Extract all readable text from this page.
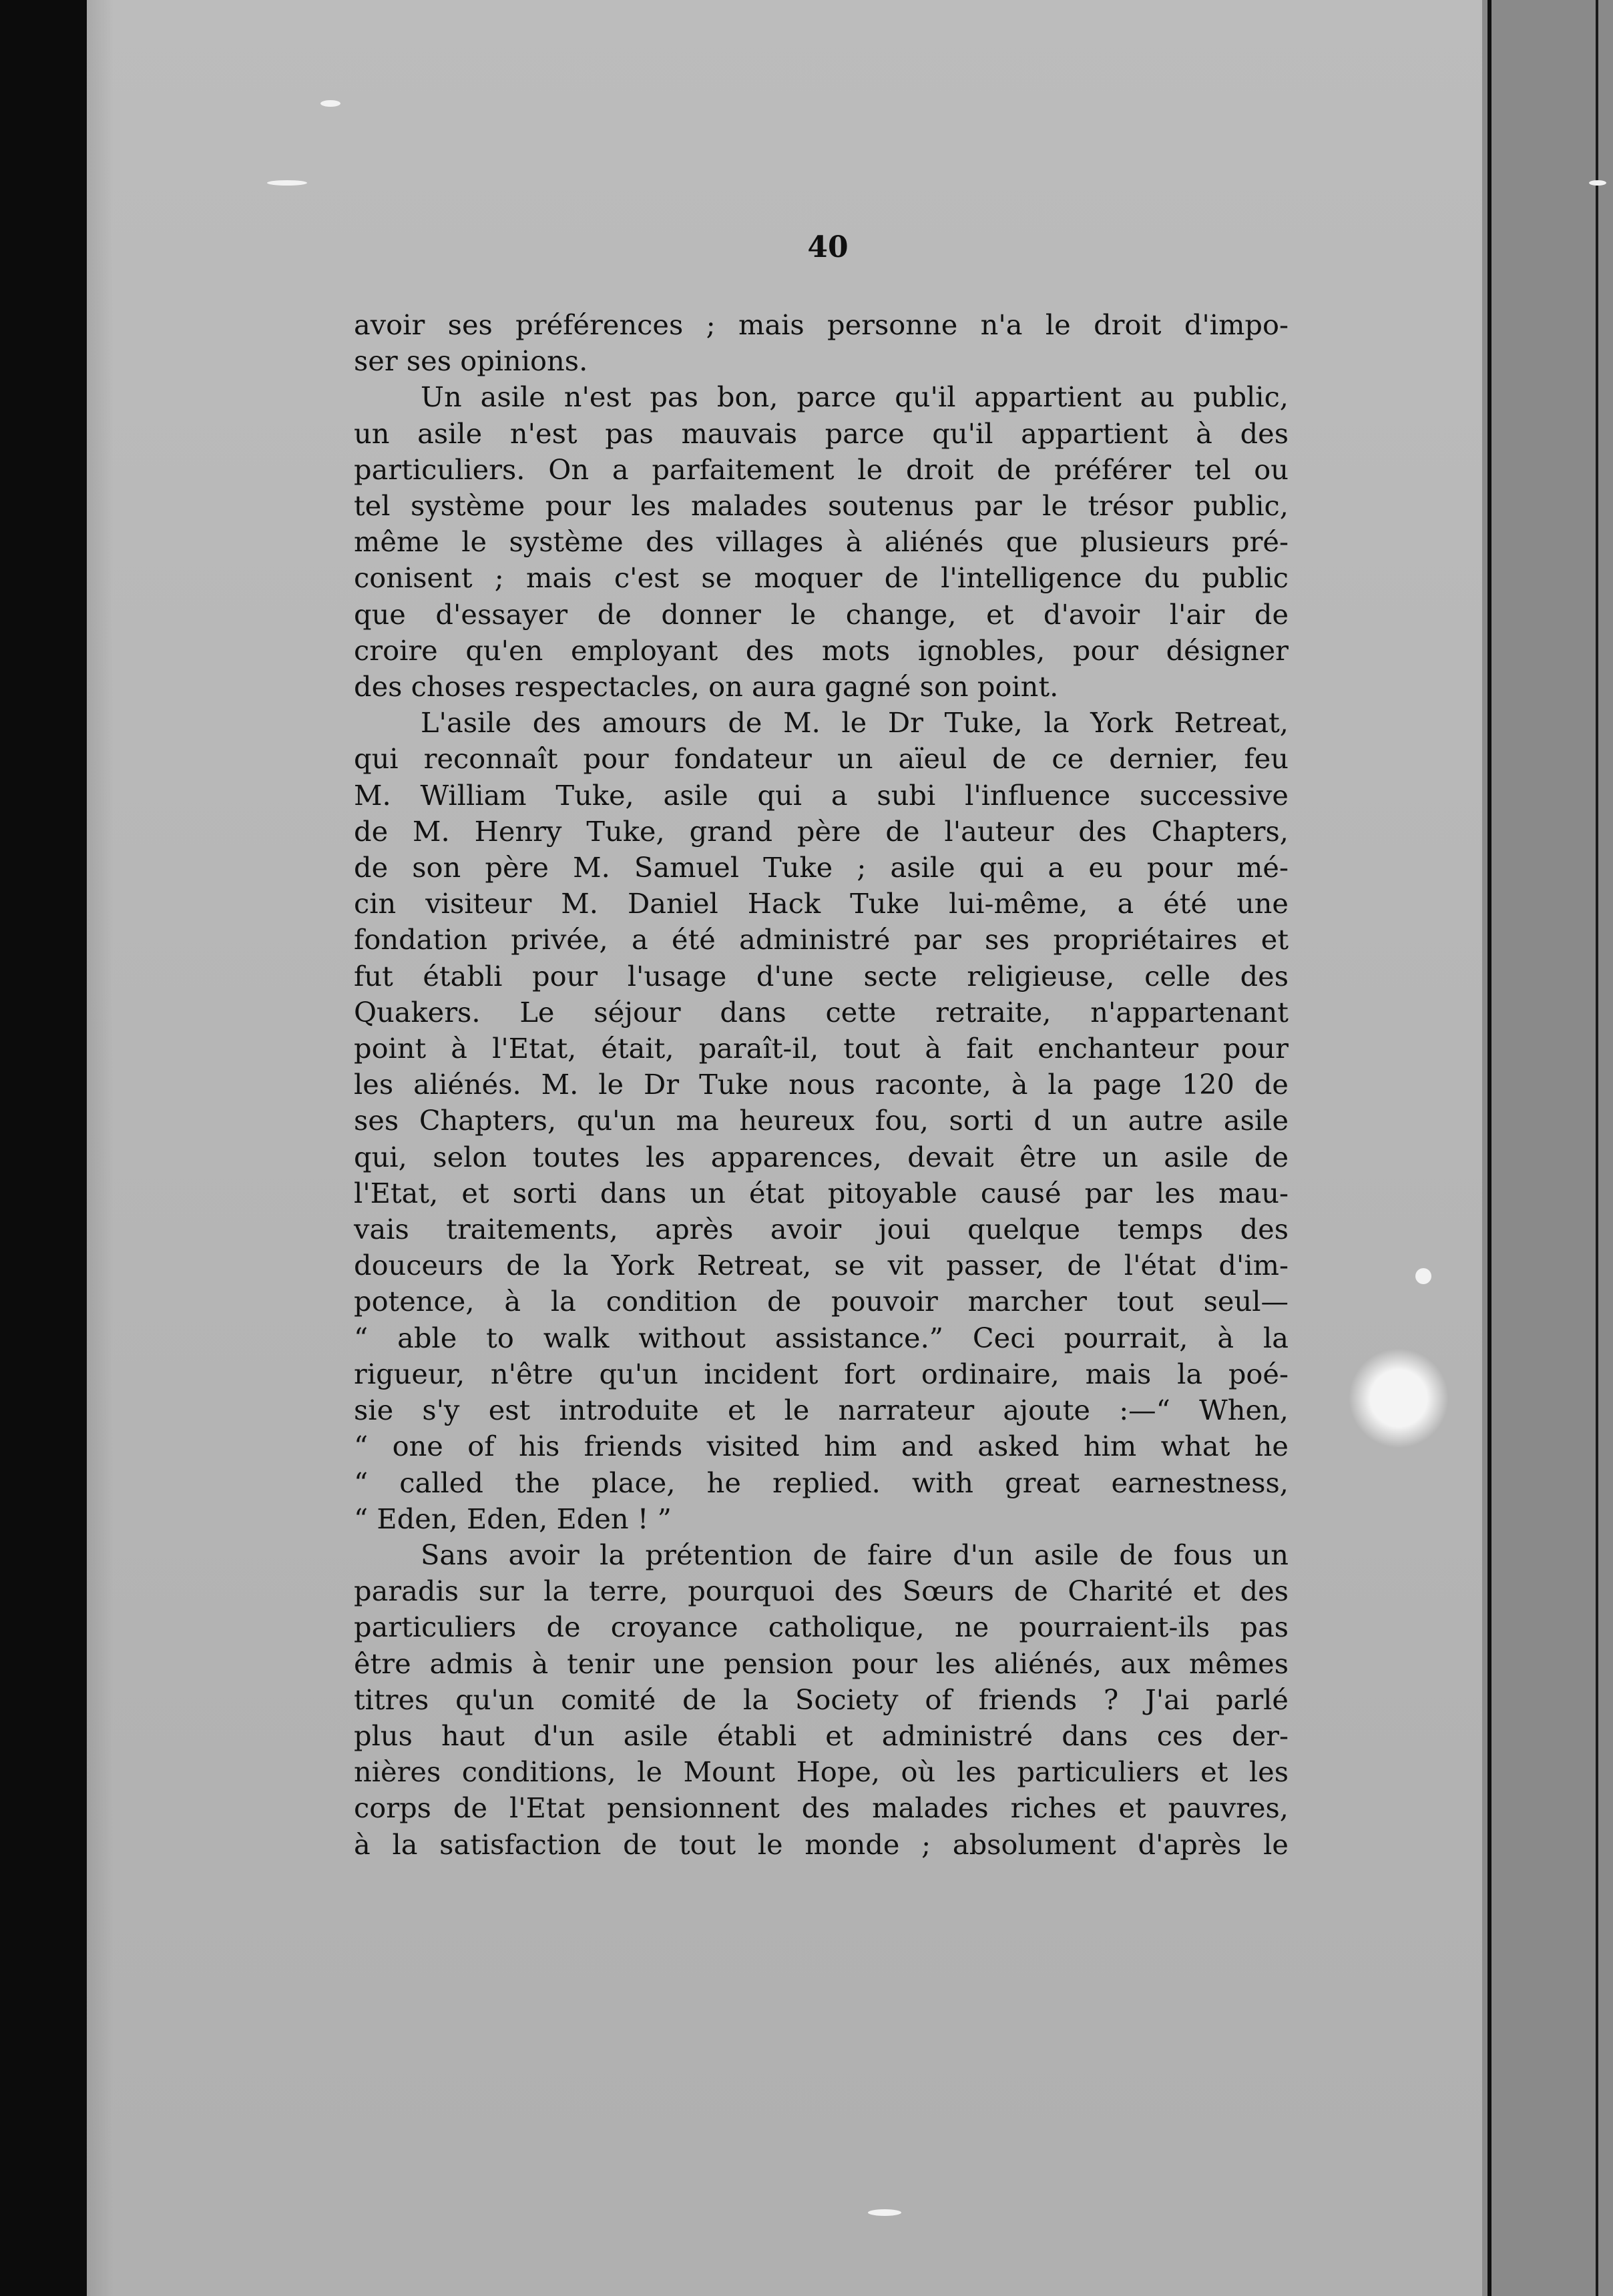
40

avoir ses préférences ; mais personne n'a le droit d'impo-
ser ses opinions.

Un asile n'est pas bon, parce qu'il appartient au public,
un asile n'est pas mauvais parce qu'il appartient à des
particuliers. On a parfaitement le droit de préférer tel ou
tel système pour les malades soutenus par le trésor public,
même le système des villages à aliénés que plusieurs pré-
conisent ; mais c'est se moquer de l'intelligence du public
que d'essayer de donner le change, et d'avoir l'air de
croire qu'en employant des mots ignobles, pour désigner
des choses respectacles, on aura gagné son point.

L'asile des amours de M. le Dr Tuke, la York Retreat,
qui reconnaît pour fondateur un aïeul de ce dernier, feu
M. William Tuke, asile qui a subi l'influence successive
de M. Henry Tuke, grand père de l'auteur des Chapters,
de son père M. Samuel Tuke ; asile qui a eu pour mé-
cin visiteur M. Daniel Hack Tuke lui-même, a été une
fondation privée, a été administré par ses propriétaires et
fut établi pour l'usage d'une secte religieuse, celle des
Quakers. Le séjour dans cette retraite, n'appartenant
point à l'Etat, était, paraît-il, tout à fait enchanteur pour
les aliénés. M. le Dr Tuke nous raconte, à la page 120 de
ses Chapters, qu'un ma heureux fou, sorti d un autre asile
qui, selon toutes les apparences, devait être un asile de
l'Etat, et sorti dans un état pitoyable causé par les mau-
vais traitements, après avoir joui quelque temps des
douceurs de la York Retreat, se vit passer, de l'état d'im-
potence, à la condition de pouvoir marcher tout seul—
“ able to walk without assistance.” Ceci pourrait, à la
rigueur, n'être qu'un incident fort ordinaire, mais la poé-
sie s'y est introduite et le narrateur ajoute :—“ When,
“ one of his friends visited him and asked him what he
“ called the place, he replied. with great earnestness,
“ Eden, Eden, Eden ! ”

Sans avoir la prétention de faire d'un asile de fous un
paradis sur la terre, pourquoi des Sœurs de Charité et des
particuliers de croyance catholique, ne pourraient-ils pas
être admis à tenir une pension pour les aliénés, aux mêmes
titres qu'un comité de la Society of friends ? J'ai parlé
plus haut d'un asile établi et administré dans ces der-
nières conditions, le Mount Hope, où les particuliers et les
corps de l'Etat pensionnent des malades riches et pauvres,
à la satisfaction de tout le monde ; absolument d'après le
